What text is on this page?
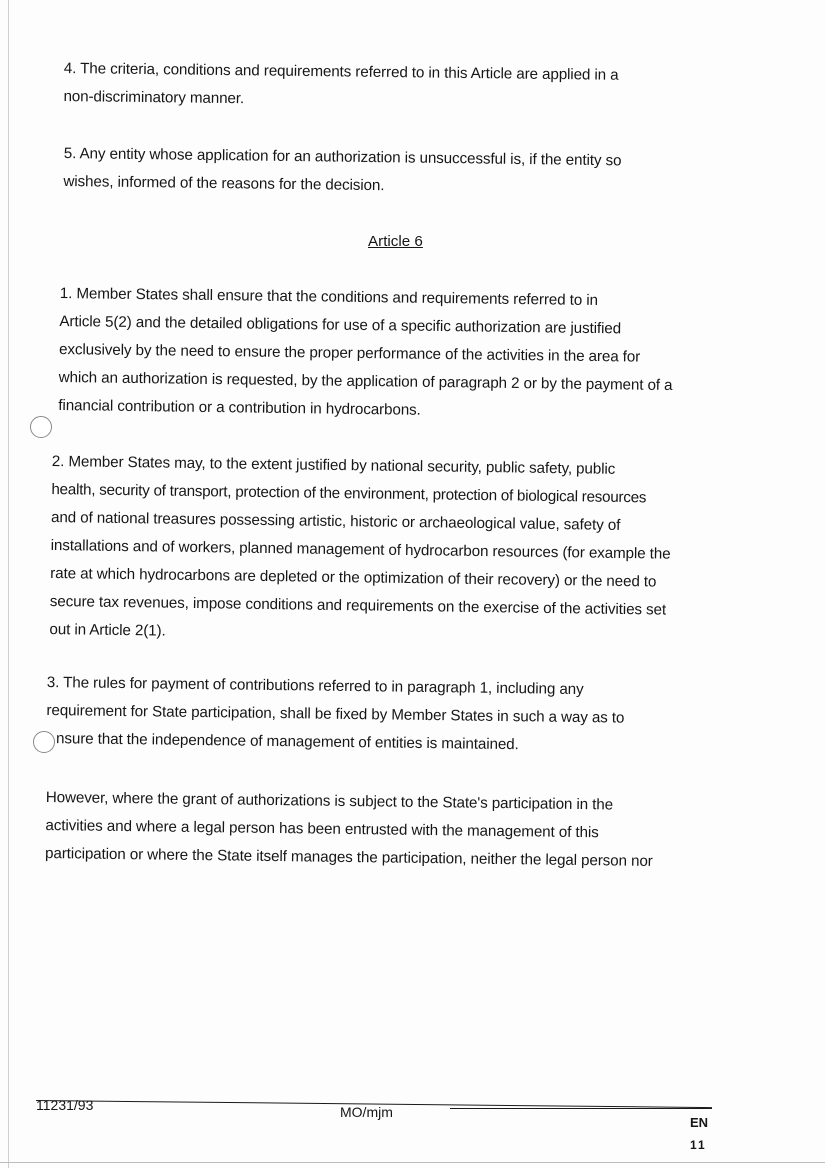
4. The criteria, conditions and requirements referred to in this Article are applied in a
non-discriminatory manner.
5. Any entity whose application for an authorization is unsuccessful is, if the entity so
wishes, informed of the reasons for the decision.
Article 6
1. Member States shall ensure that the conditions and requirements referred to in
Article 5(2) and the detailed obligations for use of a specific authorization are justified
exclusively by the need to ensure the proper performance of the activities in the area for
which an authorization is requested, by the application of paragraph 2 or by the payment of a
financial contribution or a contribution in hydrocarbons.
2. Member States may, to the extent justified by national security, public safety, public
health, security of transport, protection of the environment, protection of biological resources
and of national treasures possessing artistic, historic or archaeological value, safety of
installations and of workers, planned management of hydrocarbon resources (for example the
rate at which hydrocarbons are depleted or the optimization of their recovery) or the need to
secure tax revenues, impose conditions and requirements on the exercise of the activities set
out in Article 2(1).
3. The rules for payment of contributions referred to in paragraph 1, including any
requirement for State participation, shall be fixed by Member States in such a way as to
nsure that the independence of management of entities is maintained.
However, where the grant of authorizations is subject to the State's participation in the
activities and where a legal person has been entrusted with the management of this
participation or where the State itself manages the participation, neither the legal person nor
11231/93	MO/mjm
EN
11
